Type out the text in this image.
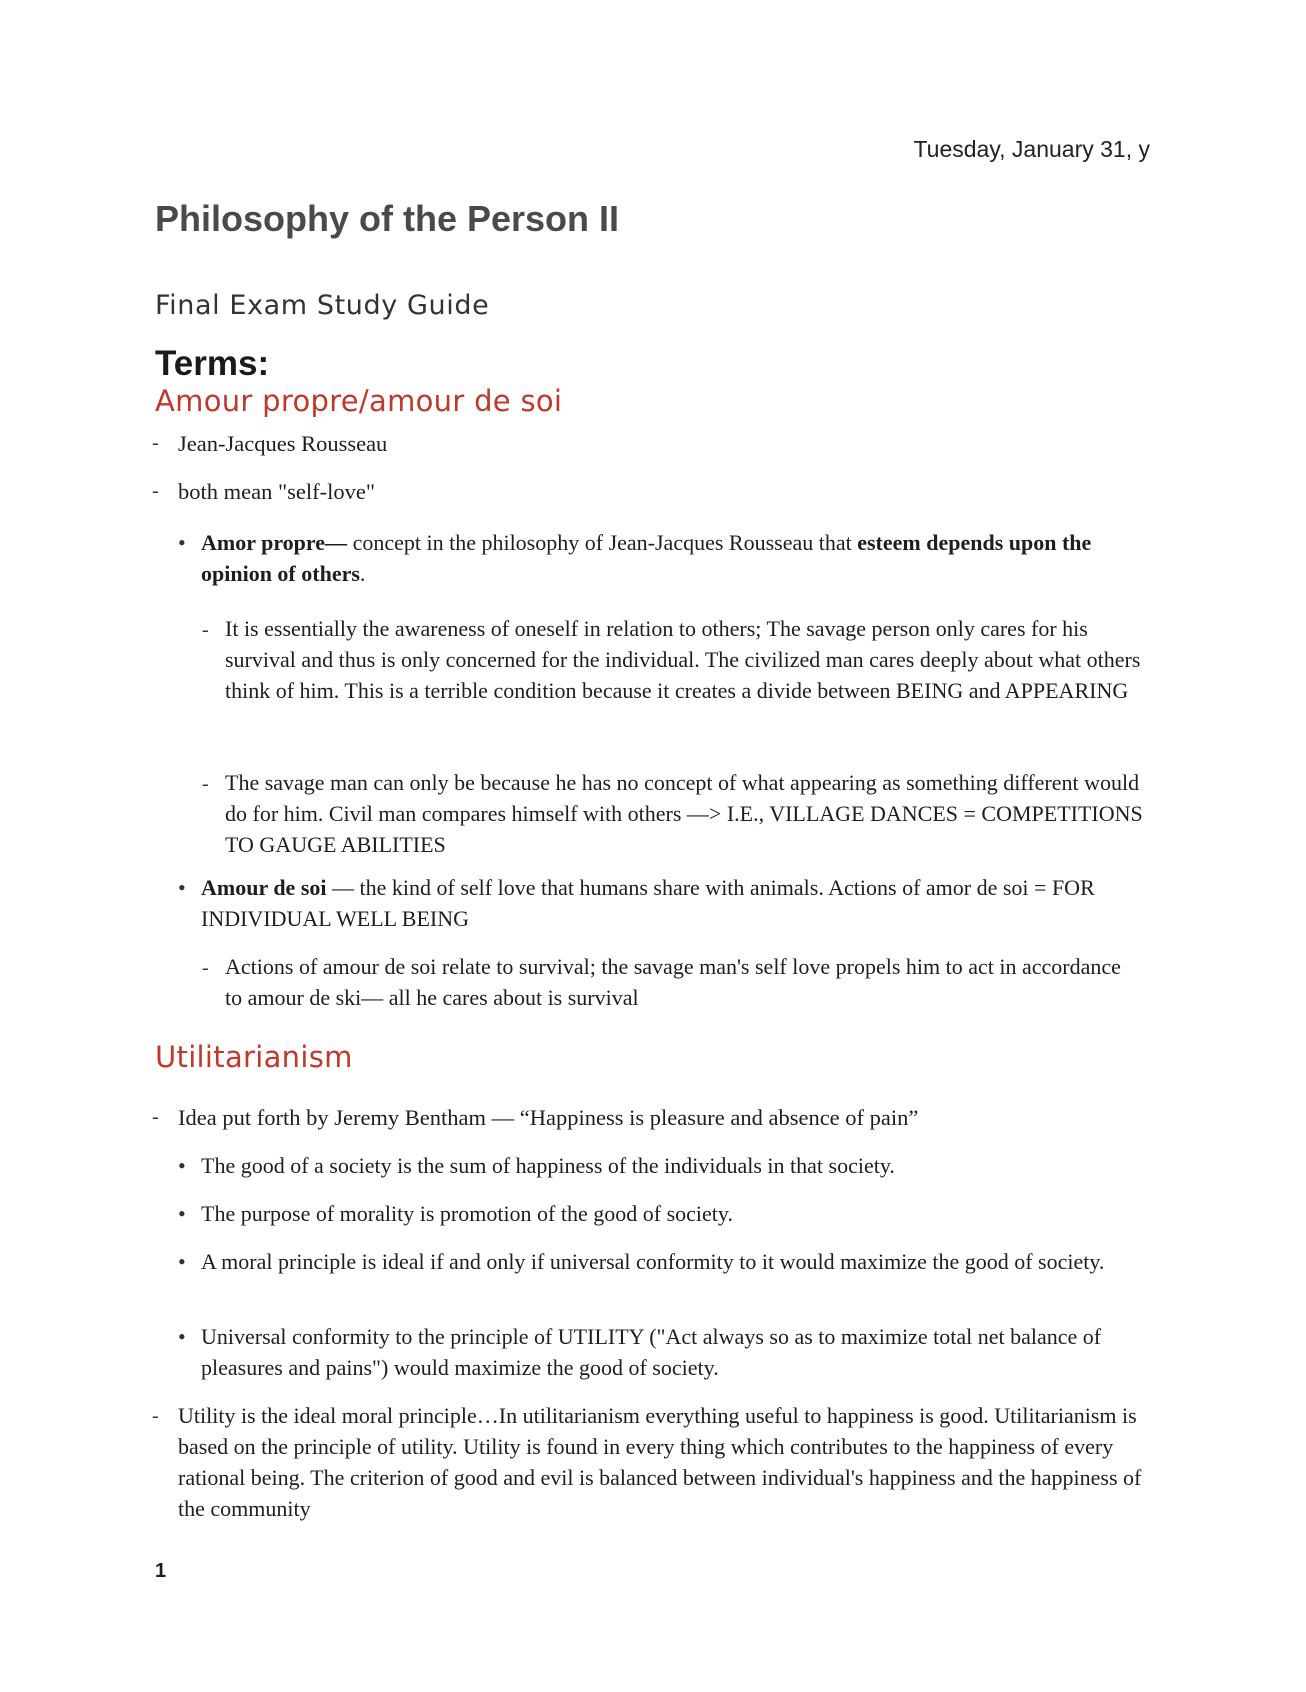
Tuesday, January 31, y
Philosophy of the Person II
Final Exam Study Guide
Terms:
Amour propre/amour de soi
- Jean-Jacques Rousseau
- both mean "self-love"
• Amor propre— concept in the philosophy of Jean-Jacques Rousseau that esteem depends upon the opinion of others.
- It is essentially the awareness of oneself in relation to others; The savage person only cares for his survival and thus is only concerned for the individual. The civilized man cares deeply about what others think of him. This is a terrible condition because it creates a divide between BEING and APPEARING
- The savage man can only be because he has no concept of what appearing as something different would do for him. Civil man compares himself with others —> I.E., VILLAGE DANCES = COMPETITIONS TO GAUGE ABILITIES
• Amour de soi — the kind of self love that humans share with animals. Actions of amor de soi = FOR INDIVIDUAL WELL BEING
- Actions of amour de soi relate to survival; the savage man's self love propels him to act in accordance to amour de ski— all he cares about is survival
Utilitarianism
- Idea put forth by Jeremy Bentham — “Happiness is pleasure and absence of pain”
• The good of a society is the sum of happiness of the individuals in that society.
• The purpose of morality is promotion of the good of society.
• A moral principle is ideal if and only if universal conformity to it would maximize the good of society.
• Universal conformity to the principle of UTILITY ("Act always so as to maximize total net balance of pleasures and pains") would maximize the good of society.
- Utility is the ideal moral principle…In utilitarianism everything useful to happiness is good. Utilitarianism is based on the principle of utility. Utility is found in every thing which contributes to the happiness of every rational being. The criterion of good and evil is balanced between individual's happiness and the happiness of the community
1
